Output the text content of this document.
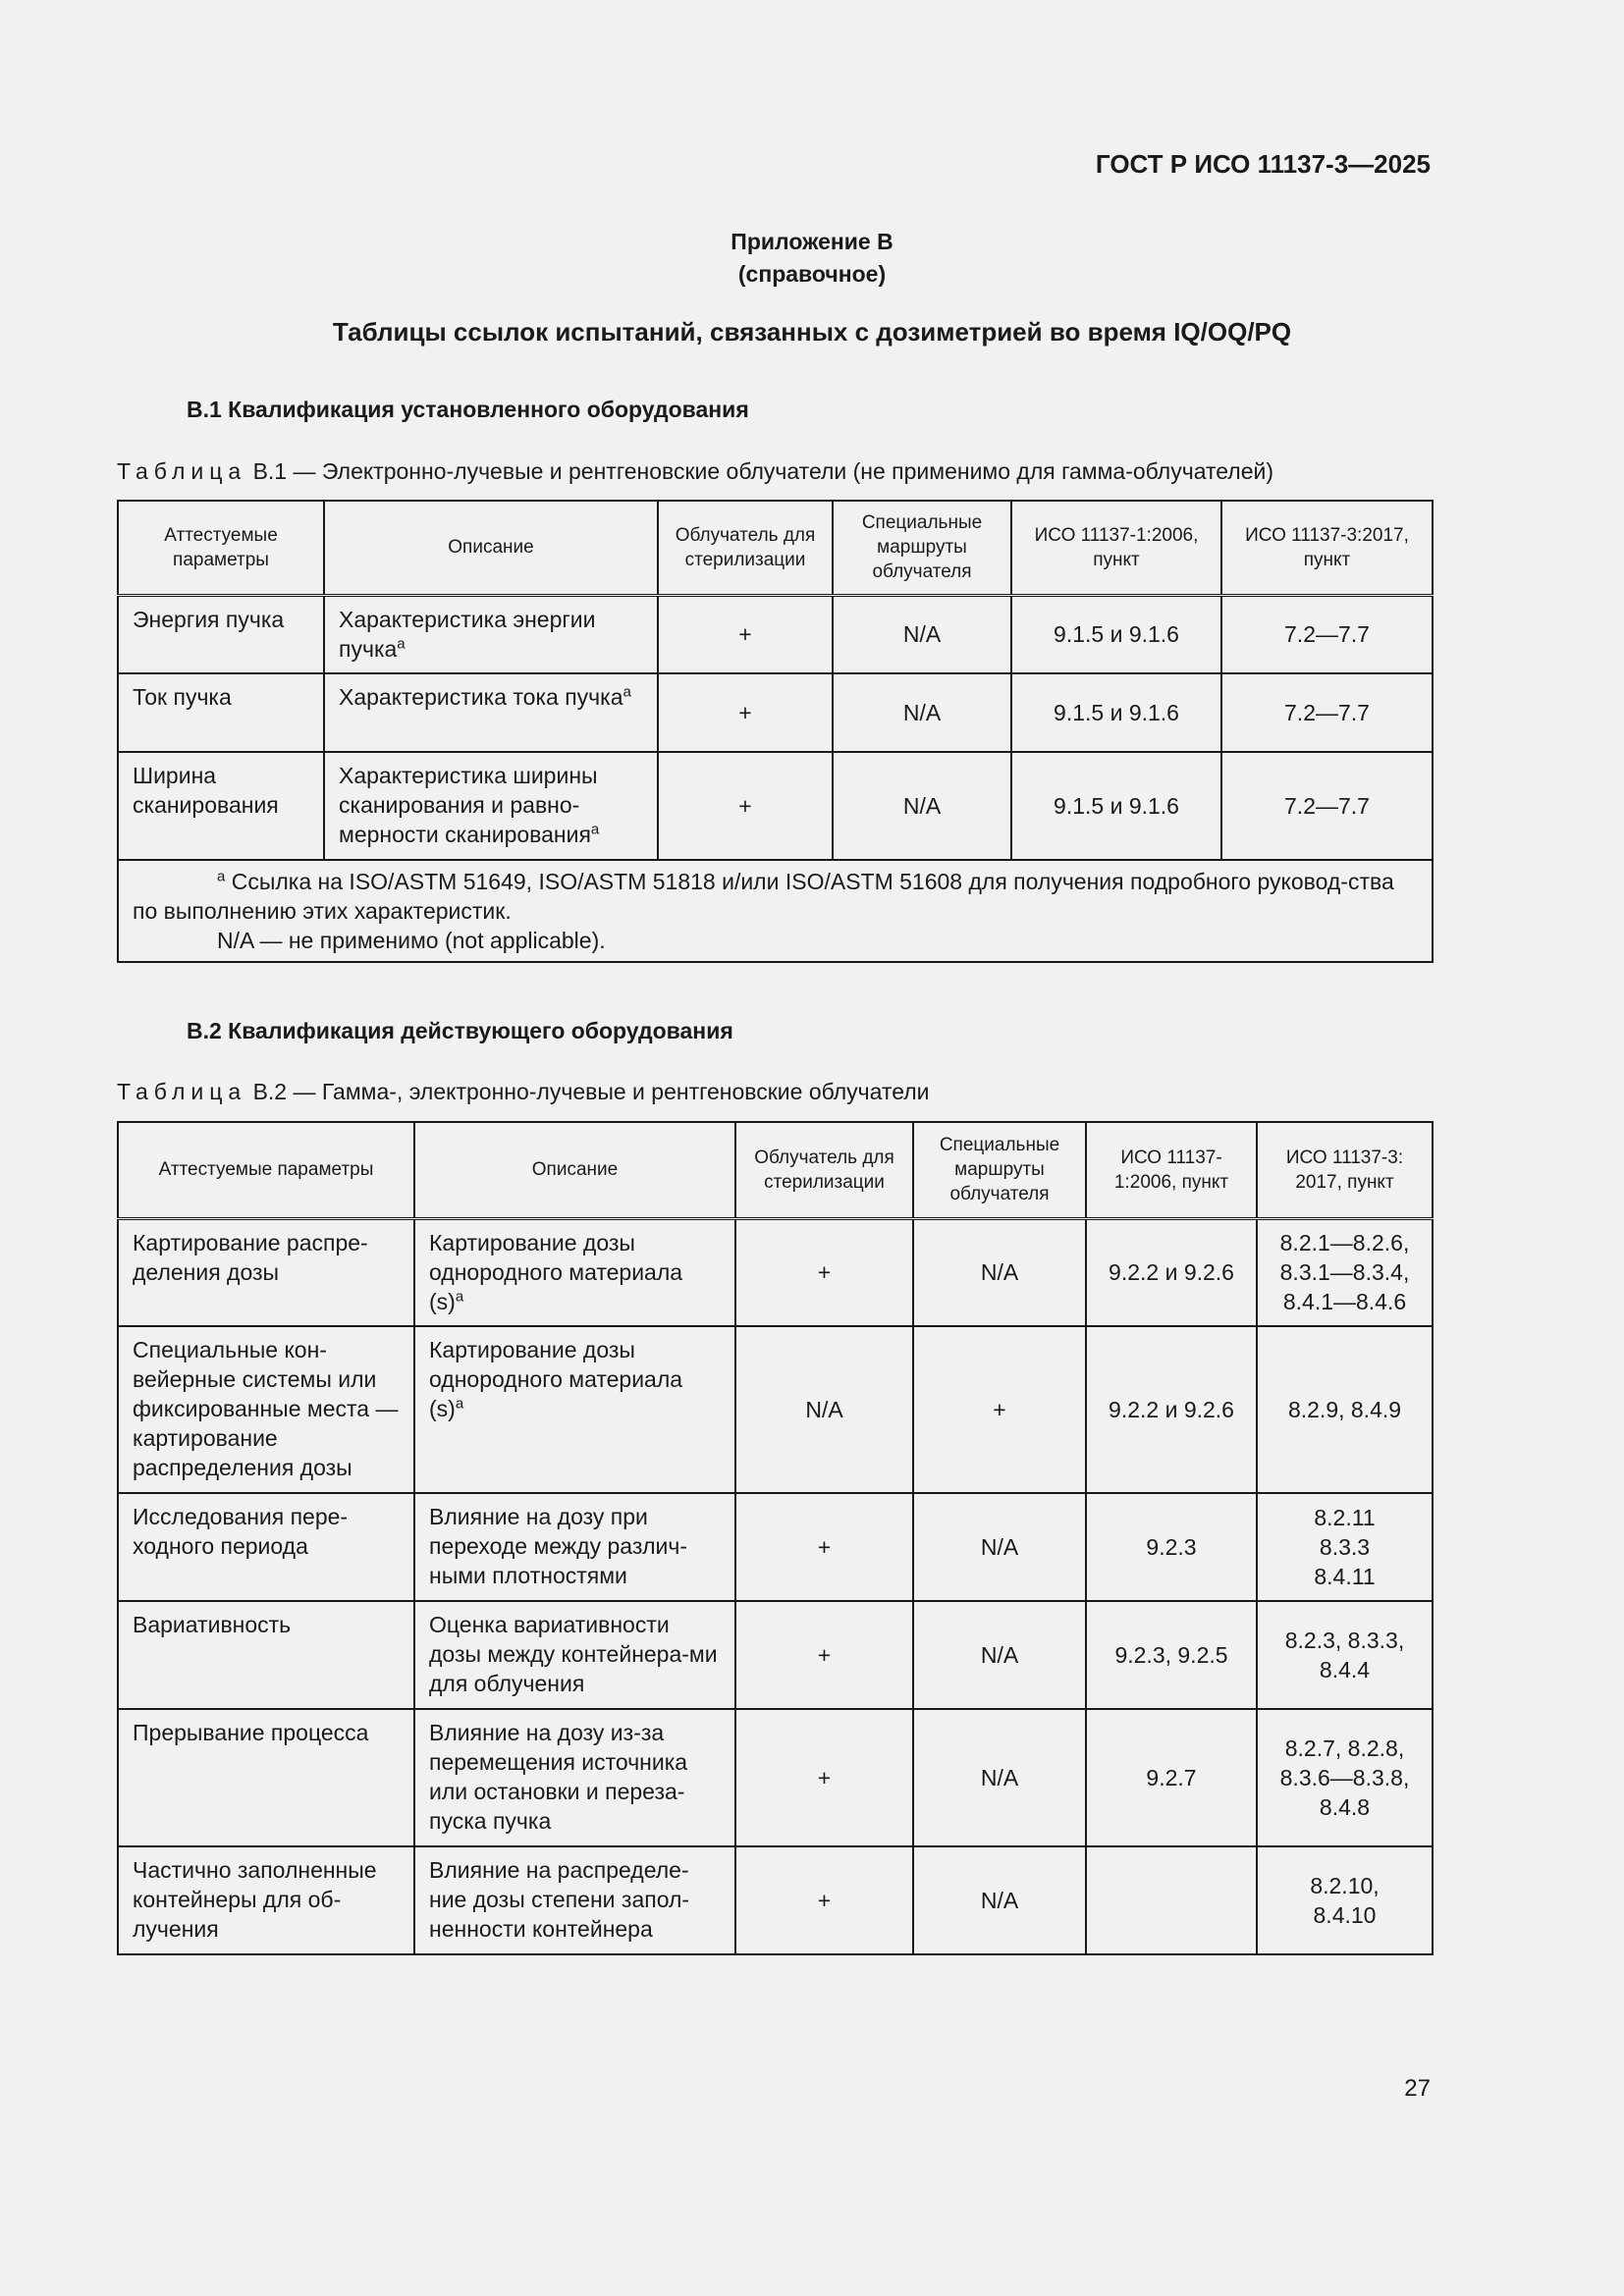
ГОСТ Р ИСО 11137-3—2025
Приложение B
(справочное)
Таблицы ссылок испытаний, связанных с дозиметрией во время IQ/OQ/PQ
B.1 Квалификация установленного оборудования
Таблица B.1 — Электронно-лучевые и рентгеновские облучатели (не применимо для гамма-облучателей)
Аттестуемые параметры	Описание	Облучатель для стерилизации	Специальные маршруты облучателя	ИСО 11137-1:2006, пункт	ИСО 11137-3:2017, пункт
Энергия пучка	Характеристика энергии пучка$^a$	+	N/A	9.1.5 и 9.1.6	7.2—7.7
Ток пучка	Характеристика тока пучка$^a$	+	N/A	9.1.5 и 9.1.6	7.2—7.7
Ширина сканирования	Характеристика ширины сканирования и равно-мерности сканирования$^a$	+	N/A	9.1.5 и 9.1.6	7.2—7.7

$^a$ Ссылка на ISO/ASTM 51649, ISO/ASTM 51818 и/или ISO/ASTM 51608 для получения подробного руковод-ства по выполнению этих характеристик.
N/A — не применимо (not applicable).					
B.2 Квалификация действующего оборудования
Таблица B.2 — Гамма-, электронно-лучевые и рентгеновские облучатели
Аттестуемые параметры	Описание	Облучатель для стерилизации	Специальные маршруты облучателя	ИСО 11137-1:2006, пункт	ИСО 11137-3: 2017, пункт
Картирование распре-деления дозы	Картирование дозы однородного материала $(s)^a$	+	N/A	9.2.2 и 9.2.6	8.2.1—8.2.6, 8.3.1—8.3.4, 8.4.1—8.4.6
Специальные кон-вейерные системы или фиксированные места — картирование распределения дозы	Картирование дозы однородного материала $(s)^a$	N/A	+	9.2.2 и 9.2.6	8.2.9, 8.4.9
Исследования пере-ходного периода	Влияние на дозу при переходе между различ-ными плотностями	+	N/A	9.2.3	8.2.11 8.3.3 8.4.11
Вариативность	Оценка вариативности дозы между контейнера-ми для облучения	+	N/A	9.2.3, 9.2.5	8.2.3, 8.3.3, 8.4.4
Прерывание процесса	Влияние на дозу из-за перемещения источника или остановки и переза-пуска пучка	+	N/A	9.2.7	8.2.7, 8.2.8, 8.3.6—8.3.8, 8.4.8
Частично заполненные контейнеры для об-лучения	Влияние на распределе-ние дозы степени запол-ненности контейнера	+	N/A		8.2.10, 8.4.10
27
